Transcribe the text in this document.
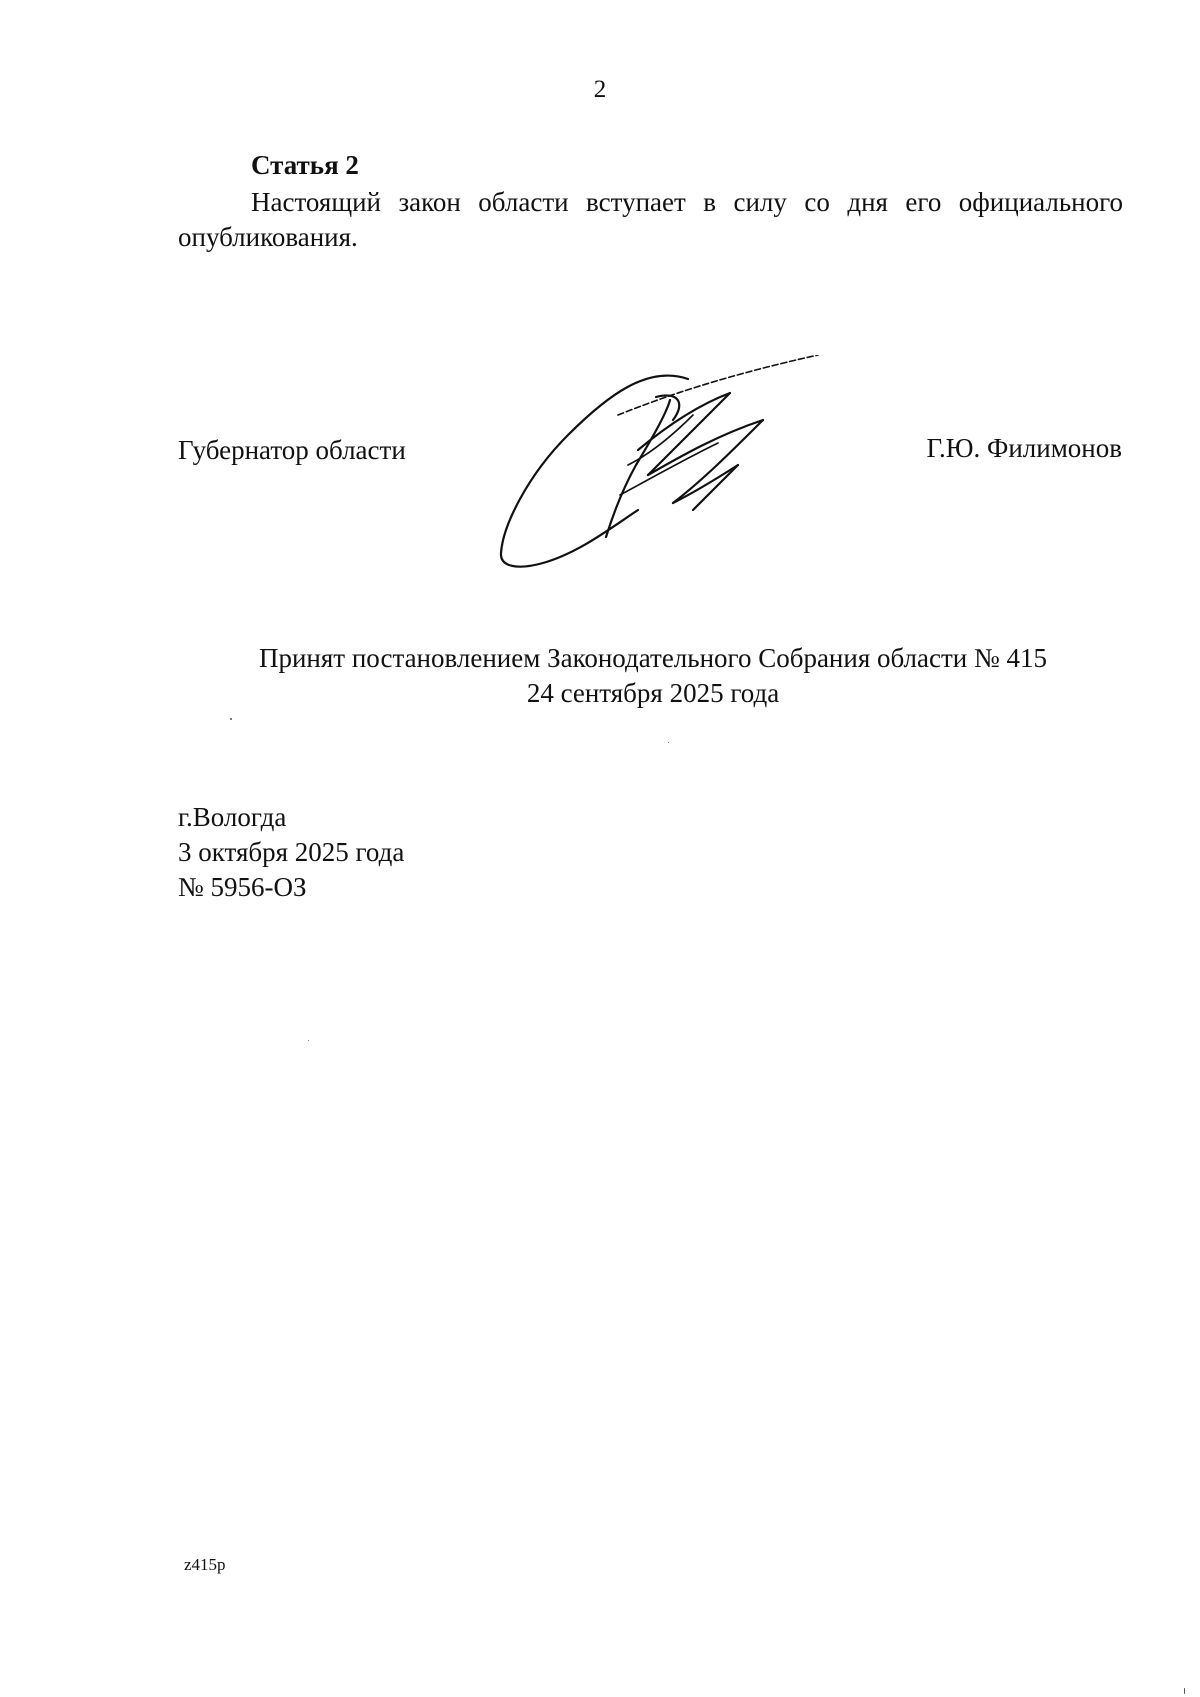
2
Статья 2

Настоящий закон области вступает в силу со дня его официального опубликования.

Губернатор области	Г.Ю. Филимонов
Принят постановлением Законодательного Собрания области № 415
24 сентября 2025 года
г.Вологда
3 октября 2025 года
№ 5956-ОЗ
z415p
